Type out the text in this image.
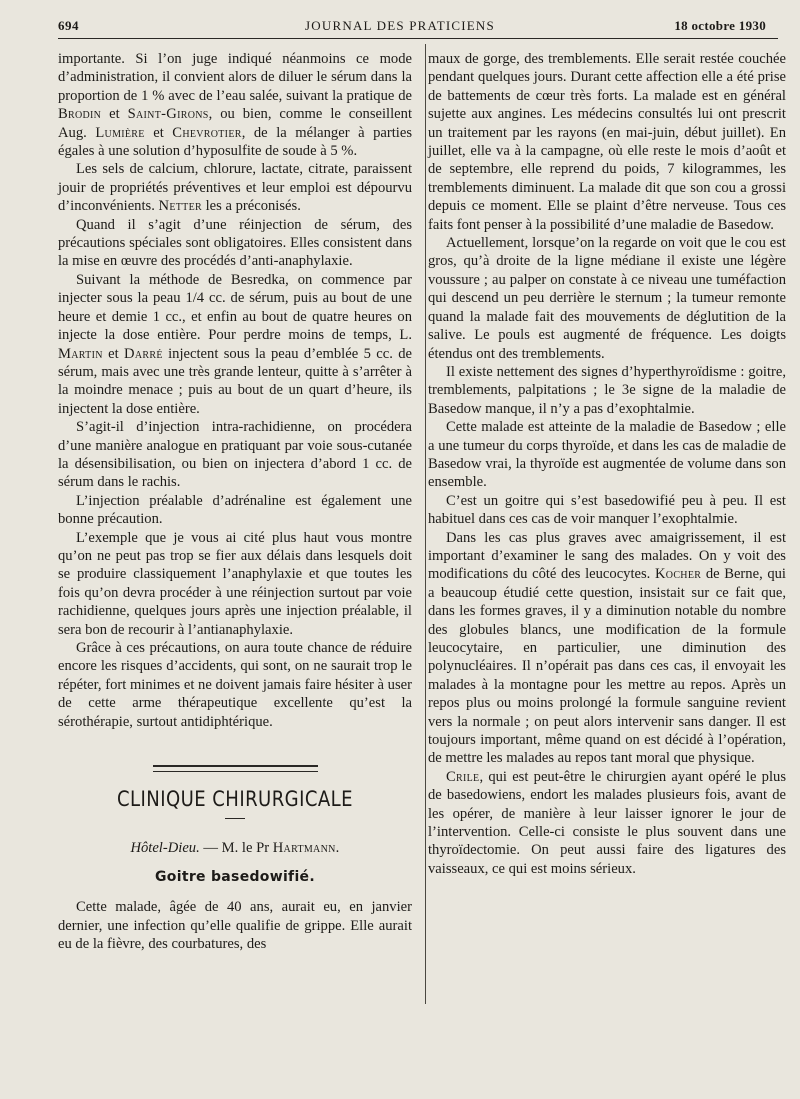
694	JOURNAL DES PRATICIENS	18 octobre 1930

importante. Si l’on juge indiqué néanmoins ce mode d’administration, il convient alors de diluer le sérum dans la proportion de 1 % avec de l’eau salée, suivant la pratique de Brodin et Saint-Girons, ou bien, comme le conseillent Aug. Lumière et Chevrotier, de la mélanger à parties égales à une solution d’hyposulfite de soude à 5 %.

Les sels de calcium, chlorure, lactate, citrate, paraissent jouir de propriétés préventives et leur emploi est dépourvu d’inconvénients. Netter les a préconisés.

Quand il s’agit d’une réinjection de sérum, des précautions spéciales sont obligatoires. Elles consistent dans la mise en œuvre des procédés d’anti-anaphylaxie.

Suivant la méthode de Besredka, on commence par injecter sous la peau 1/4 cc. de sérum, puis au bout de une heure et demie 1 cc., et enfin au bout de quatre heures on injecte la dose entière. Pour perdre moins de temps, L. Martin et Darré injectent sous la peau d’emblée 5 cc. de sérum, mais avec une très grande lenteur, quitte à s’arrêter à la moindre menace ; puis au bout de un quart d’heure, ils injectent la dose entière.

S’agit-il d’injection intra-rachidienne, on procédera d’une manière analogue en pratiquant par voie sous-cutanée la désensibilisation, ou bien on injectera d’abord 1 cc. de sérum dans le rachis.

L’injection préalable d’adrénaline est également une bonne précaution.

L’exemple que je vous ai cité plus haut vous montre qu’on ne peut pas trop se fier aux délais dans lesquels doit se produire classiquement l’anaphylaxie et que toutes les fois qu’on devra procéder à une réinjection surtout par voie rachidienne, quelques jours après une injection préalable, il sera bon de recourir à l’antianaphylaxie.

Grâce à ces précautions, on aura toute chance de réduire encore les risques d’accidents, qui sont, on ne saurait trop le répéter, fort minimes et ne doivent jamais faire hésiter à user de cette arme thérapeutique excellente qu’est la sérothérapie, surtout antidiphtérique.

CLINIQUE CHIRURGICALE

Hôtel-Dieu. — M. le Pr Hartmann.

Goitre basedowifié.

Cette malade, âgée de 40 ans, aurait eu, en janvier dernier, une infection qu’elle qualifie de grippe. Elle aurait eu de la fièvre, des courbatures, des

maux de gorge, des tremblements. Elle serait restée couchée pendant quelques jours. Durant cette affection elle a été prise de battements de cœur très forts. La malade est en général sujette aux angines. Les médecins consultés lui ont prescrit un traitement par les rayons (en mai-juin, début juillet). En juillet, elle va à la campagne, où elle reste le mois d’août et de septembre, elle reprend du poids, 7 kilogrammes, les tremblements diminuent. La malade dit que son cou a grossi depuis ce moment. Elle se plaint d’être nerveuse. Tous ces faits font penser à la possibilité d’une maladie de Basedow.

Actuellement, lorsque’on la regarde on voit que le cou est gros, qu’à droite de la ligne médiane il existe une légère voussure ; au palper on constate à ce niveau une tuméfaction qui descend un peu derrière le sternum ; la tumeur remonte quand la malade fait des mouvements de déglutition de la salive. Le pouls est augmenté de fréquence. Les doigts étendus ont des tremblements.

Il existe nettement des signes d’hyperthyroïdisme : goitre, tremblements, palpitations ; le 3e signe de la maladie de Basedow manque, il n’y a pas d’exophtalmie.

Cette malade est atteinte de la maladie de Basedow ; elle a une tumeur du corps thyroïde, et dans les cas de maladie de Basedow vrai, la thyroïde est augmentée de volume dans son ensemble.

C’est un goitre qui s’est basedowifié peu à peu. Il est habituel dans ces cas de voir manquer l’exophtalmie.

Dans les cas plus graves avec amaigrissement, il est important d’examiner le sang des malades. On y voit des modifications du côté des leucocytes. Kocher de Berne, qui a beaucoup étudié cette question, insistait sur ce fait que, dans les formes graves, il y a diminution notable du nombre des globules blancs, une modification de la formule leucocytaire, en particulier, une diminution des polynucléaires. Il n’opérait pas dans ces cas, il envoyait les malades à la montagne pour les mettre au repos. Après un repos plus ou moins prolongé la formule sanguine revient vers la normale ; on peut alors intervenir sans danger. Il est toujours important, même quand on est décidé à l’opération, de mettre les malades au repos tant moral que physique.

Crile, qui est peut-être le chirurgien ayant opéré le plus de basedowiens, endort les malades plusieurs fois, avant de les opérer, de manière à leur laisser ignorer le jour de l’intervention. Celle-ci consiste le plus souvent dans une thyroïdectomie. On peut aussi faire des ligatures des vaisseaux, ce qui est moins sérieux.
